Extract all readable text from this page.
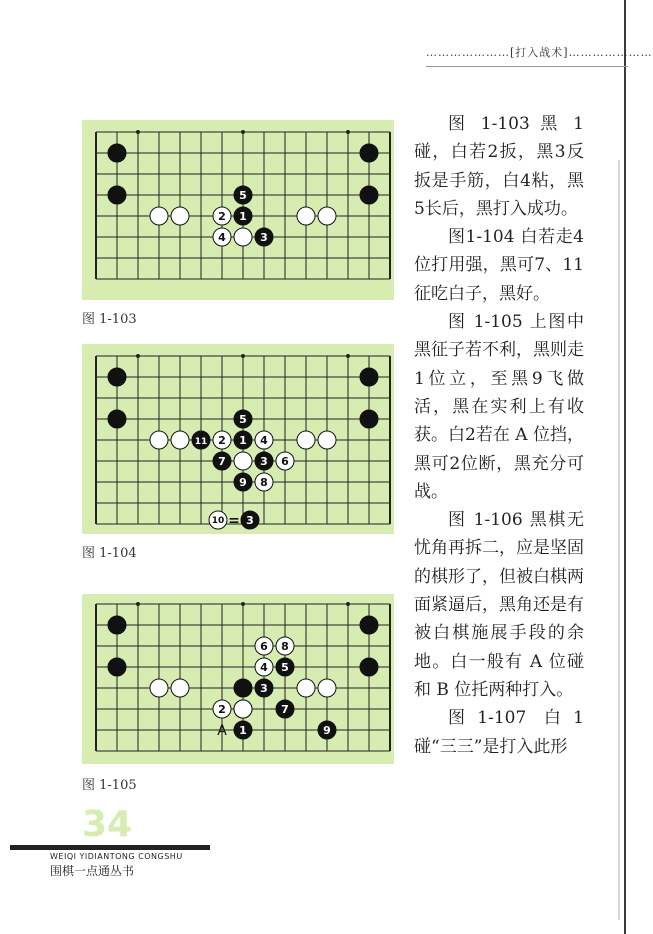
…………………[打入战术]…………………
1
2
3
4
5
图 1-103
1
2
3
4
5
6
7
8
9
11
10 = 3
图 1-104
1
2
3
4 5
6
7
8
9
A
图 1-105

图 1-103 黑 1 碰，白若2扳，黑3反扳是手筋，白4粘，黑5长后，黑打入成功。

图1-104 白若走4位打用强，黑可7、11征吃白子，黑好。

图 1-105 上图中黑征子若不利，黑则走1位立，至黑9飞做活，黑在实利上有收获。白2若在 A 位挡，黑可2位断，黑充分可战。

图 1-106 黑棋无忧角再拆二，应是坚固的棋形了，但被白棋两面紧逼后，黑角还是有被白棋施展手段的余地。白一般有 A 位碰和 B 位托两种打入。

图1-107 白1碰“三三”是打入此形

34
WEIQI YIDIANTONG CONGSHU
围棋一点通丛书
